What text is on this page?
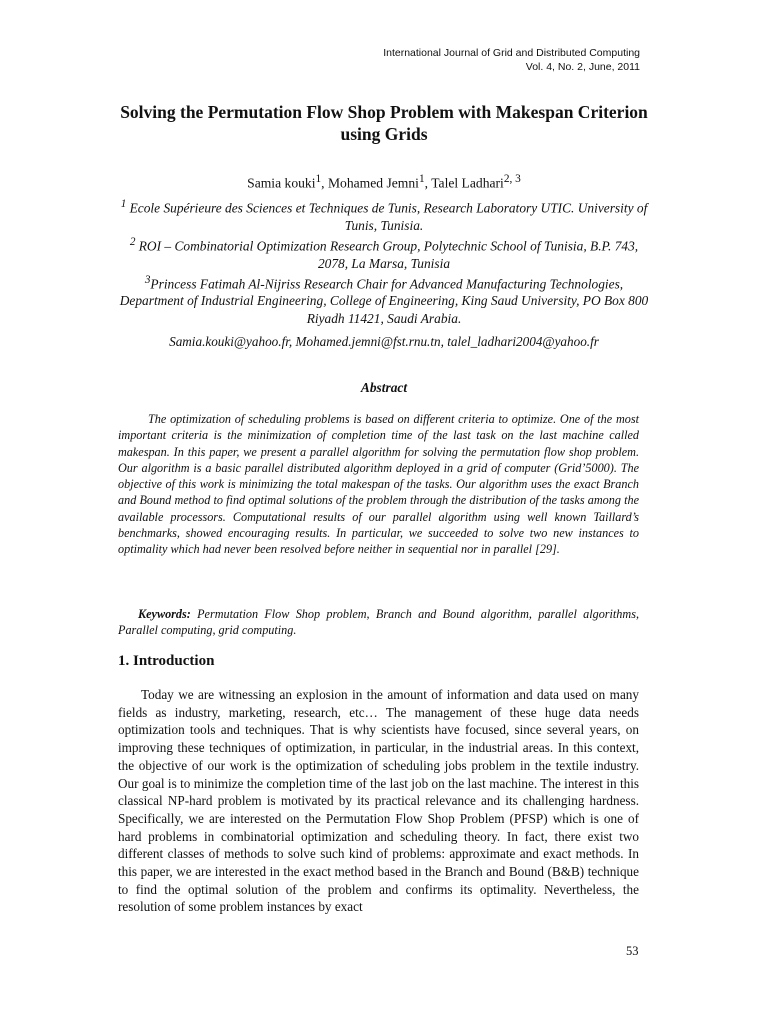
International Journal of Grid and Distributed Computing
Vol. 4, No. 2, June, 2011
Solving the Permutation Flow Shop Problem with Makespan Criterion using Grids
Samia kouki$^1$, Mohamed Jemni$^1$, Talel Ladhari$^{2, 3}$

$^1$ Ecole Supérieure des Sciences et Techniques de Tunis, Research Laboratory UTIC. University of Tunis, Tunisia.

$^2$ ROI – Combinatorial Optimization Research Group, Polytechnic School of Tunisia, B.P. 743, 2078, La Marsa, Tunisia

$^3$Princess Fatimah Al-Nijriss Research Chair for Advanced Manufacturing Technologies, Department of Industrial Engineering, College of Engineering, King Saud University, PO Box 800 Riyadh 11421, Saudi Arabia.

Samia.kouki@yahoo.fr, Mohamed.jemni@fst.rnu.tn, talel_ladhari2004@yahoo.fr
Abstract

The optimization of scheduling problems is based on different criteria to optimize. One of the most important criteria is the minimization of completion time of the last task on the last machine called makespan. In this paper, we present a parallel algorithm for solving the permutation flow shop problem. Our algorithm is a basic parallel distributed algorithm deployed in a grid of computer (Grid’5000). The objective of this work is minimizing the total makespan of the tasks. Our algorithm uses the exact Branch and Bound method to find optimal solutions of the problem through the distribution of the tasks among the available processors. Computational results of our parallel algorithm using well known Taillard’s benchmarks, showed encouraging results. In particular, we succeeded to solve two new instances to optimality which had never been resolved before neither in sequential nor in parallel [29].

Keywords: Permutation Flow Shop problem, Branch and Bound algorithm, parallel algorithms, Parallel computing, grid computing.

1. Introduction

Today we are witnessing an explosion in the amount of information and data used on many fields as industry, marketing, research, etc… The management of these huge data needs optimization tools and techniques. That is why scientists have focused, since several years, on improving these techniques of optimization, in particular, in the industrial areas. In this context, the objective of our work is the optimization of scheduling jobs problem in the textile industry. Our goal is to minimize the completion time of the last job on the last machine. The interest in this classical NP-hard problem is motivated by its practical relevance and its challenging hardness. Specifically, we are interested on the Permutation Flow Shop Problem (PFSP) which is one of hard problems in combinatorial optimization and scheduling theory. In fact, there exist two different classes of methods to solve such kind of problems: approximate and exact methods. In this paper, we are interested in the exact method based in the Branch and Bound (B&B) technique to find the optimal solution of the problem and confirms its optimality. Nevertheless, the resolution of some problem instances by exact

53
